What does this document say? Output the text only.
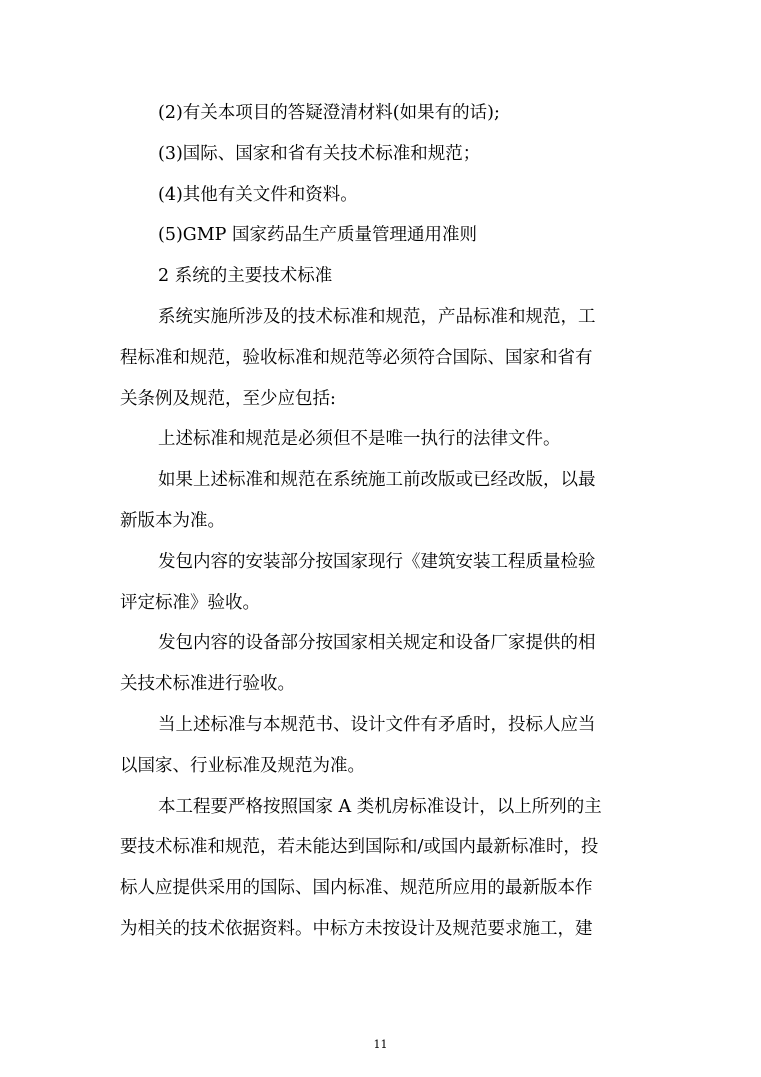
(2)有关本项目的答疑澄清材料(如果有的话);
(3)国际、国家和省有关技术标准和规范；
(4)其他有关文件和资料。
(5)GMP 国家药品生产质量管理通用准则
2 系统的主要技术标准
系统实施所涉及的技术标准和规范，产品标准和规范，工
程标准和规范，验收标准和规范等必须符合国际、国家和省有
关条例及规范，至少应包括:
上述标准和规范是必须但不是唯一执行的法律文件。
如果上述标准和规范在系统施工前改版或已经改版，以最
新版本为准。
发包内容的安装部分按国家现行《建筑安装工程质量检验
评定标准》验收。
发包内容的设备部分按国家相关规定和设备厂家提供的相
关技术标准进行验收。
当上述标准与本规范书、设计文件有矛盾时，投标人应当
以国家、行业标准及规范为准。
本工程要严格按照国家 A 类机房标准设计，以上所列的主
要技术标准和规范，若未能达到国际和/或国内最新标准时，投
标人应提供采用的国际、国内标准、规范所应用的最新版本作
为相关的技术依据资料。中标方未按设计及规范要求施工，建
11
